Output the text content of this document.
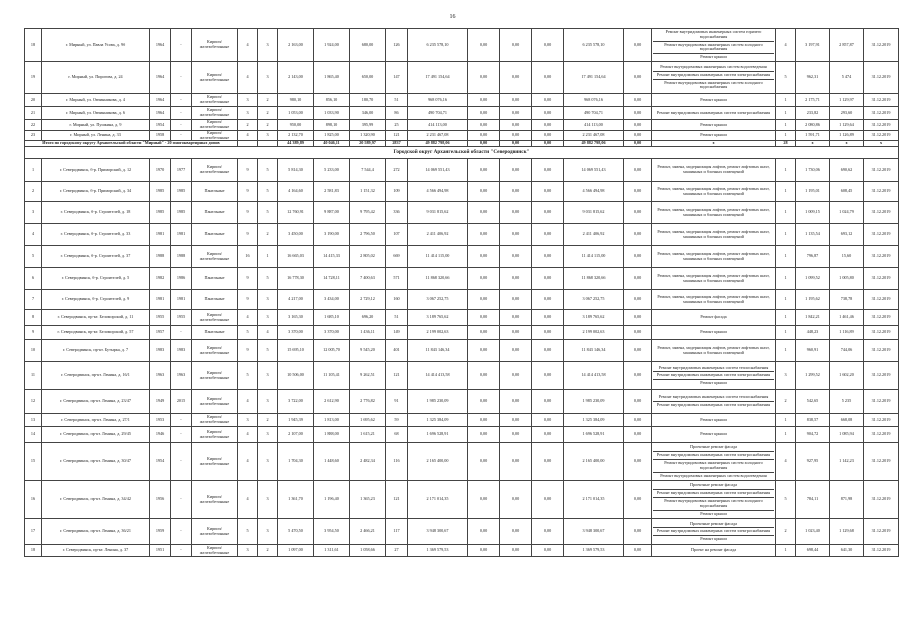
16
18	г. Мирный, ул. Павла Усова, д. 9б	1964	-	Кирпич/ железобетонные	4	3	2 163,00	1 924,00	680,00	126	6 235 578,10	0,00	0,00	0,00	6 235 578,10	0,00	Ремонт внутридомовых инженерных систем горячего водоснабжения
Ремонт внутридомовых инженерных систем холодного водоснабжения
Ремонт крыши	4	3 197,91	2 857,87	31.12.2019
19	г. Мирный, ул. Пирогова, д. 24	1964	-	Кирпич/ железобетонные	4	3	2 143,00	1 865,40	650,00	147	17 491 154,64	0,00	0,00	0,00	17 491 154,64	0,00	Ремонт внутридомовых инженерных систем водоотведения
Ремонт внутридомовых инженерных систем электроснабжения
Ремонт внутридомовых инженерных систем холодного водоснабжения	5	962,31	5 474	31.12.2019
20	г. Мирный, ул. Овчинникова, д. 4	1964	-	Кирпич/ железобетонные	3	2	980,10	856,10	180,70	51	968 076,16	0,00	0,00	0,00	968 076,16	0,00	Ремонт крыши	1	2 175,71	1 129,97	31.12.2019
21	г. Мирный, ул. Овчинникова, д. 6	1964	-	Кирпич/ железобетонные	3	2	1 053,00	1 033,90	346,00	86	490 704,71	0,00	0,00	0,00	490 704,71	0,00	Ремонт внутридомовых инженерных систем электроснабжения	1	233,82	293,60	31.12.2019
22	г. Мирный, ул. Пушкина, д. 9	1954	-	Кирпич/ железобетонные	2	2	950,00	898,10	395,99	25	414 113,00	0,00	0,00	0,00	414 113,00	0,00	Ремонт крыши	1	2 080,86	1 129,64	31.12.2019
23	г. Мирный, ул. Ленина, д. 33	1958	-	Кирпич/ железобетонные	4	3	2 132,70	1 825,00	1 320,90	121	2 231 467,08	0,00	0,00	0,00	2 231 467,08	0,00	Ремонт крыши	1	1 591,71	1 126,89	31.12.2019
Итого по городскому округу Архангельской области "Мирный" - 20 многоквартирных домов							44 389,89	40 046,11	20 589,97	2837	49 882 798,06	0,00	0,00	0,00	49 882 798,06	0,00	x	28	x	x	x
Городской округ Архангельской области "Северодвинск"																					
1	г. Северодвинск, б-р. Приморский, д. 12	1970	1977	Кирпич/ железобетонные	9	5	5 814,30	5 233,00	7 544,4	272	14 069 551,43	0,00	0,00	0,00	14 069 551,43	0,00	Ремонт, замена, модернизация лифтов, ремонт лифтовых шахт, машинных и блочных помещений	1	1 730,06	690,62	31.12.2019
2	г. Северодвинск, б-р. Приморский, д. 34	1985	1985	Панельные	9	5	4 164,60	2 581,83	1 151,32	109	4 566 494,98	0,00	0,00	0,00	4 566 494,98	0,00	Ремонт, замена, модернизация лифтов, ремонт лифтовых шахт, машинных и блочных помещений	1	1 195,01	608,45	31.12.2019
3	г. Северодвинск, б-р. Строителей, д. 18	1985	1985	Панельные	9	5	12 760,91	9 887,00	9 795,42	336	9 031 815,62	0,00	0,00	0,00	9 031 815,62	0,00	Ремонт, замена, модернизация лифтов, ремонт лифтовых шахт, машинных и блочных помещений	1	1 009,15	1 024,79	31.12.2019
4	г. Северодвинск, б-р. Строителей, д. 33	1981	1981	Панельные	9	2	3 450,00	3 190,00	2 796,50	107	2 411 406,92	0,00	0,00	0,00	2 411 406,92	0,00	Ремонт, замена, модернизация лифтов, ремонт лифтовых шахт, машинных и блочных помещений	1	1 135,54	693,12	31.12.2019
5	г. Северодвинск, б-р. Строителей, д. 37	1988	1988	Кирпич/ железобетонные	16	1	16 665,03	14 415,33	2 805,02	669	11 414 115,00	0,00	0,00	0,00	11 414 115,00	0,00	Ремонт, замена, модернизация лифтов, ремонт лифтовых шахт, машинных и блочных помещений	1	796,87	15,60	31.12.2019
6	г. Северодвинск, б-р. Строителей, д. 5	1982	1986	Панельные	9	5	16 778,30	14 728,11	7 400,63	571	11 868 320,66	0,00	0,00	0,00	11 868 320,66	0,00	Ремонт, замена, модернизация лифтов, ремонт лифтовых шахт, машинных и блочных помещений	1	1 099,52	1 005,80	31.12.2019
7	г. Северодвинск, б-р. Строителей, д. 9	1981	1981	Панельные	9	3	4 217,00	3 434,00	2 729,12	160	3 067 252,75	0,00	0,00	0,00	3 067 252,75	0,00	Ремонт, замена, модернизация лифтов, ремонт лифтовых шахт, машинных и блочных помещений	1	1 195,62	738,78	31.12.2019
8	г. Северодвинск, пр-кт. Беломорский, д. 11	1955	1955	Кирпич/ железобетонные	4	3	3 165,30	1 685,10	696,20	51	3 189 765,62	0,00	0,00	0,00	3 189 765,62	0,00	Ремонт фасада	1	1 842,21	1 461,46	31.12.2019
9	г. Северодвинск, пр-кт. Беломорский, д. 57	1957	-	Панельные	5	4	3 370,00	3 370,00	1 436,11	149	2 199 002,63	0,00	0,00	0,00	2 199 002,63	0,00	Ремонт крыши	1	448,23	1 116,89	31.12.2019
10	г. Северодвинск, пр-кт. Бутырка, д. 7	1983	1983	Кирпич/ железобетонные	9	5	15 695,10	12 005,70	9 545,20	401	11 843 146,34	0,00	0,00	0,00	11 843 146,34	0,00	Ремонт, замена, модернизация лифтов, ремонт лифтовых шахт, машинных и блочных помещений	1	960,91	744,06	31.12.2019
11	г. Северодвинск, пр-кт. Ленина, д. 16/1	1963	1963	Кирпич/ железобетонные	5	3	10 506,00	11 105,41	9 262,51	121	14 414 413,58	0,00	0,00	0,00	14 414 413,58	0,00	Ремонт внутридомовых инженерных систем теплоснабжения
Ремонт внутридомовых инженерных систем электроснабжения
Ремонт крыши	3	1 299,52	1 602,20	31.12.2019
12	г. Северодвинск, пр-кт. Ленина, д. 23/47	1949	2015	Кирпич/ железобетонные	4	3	3 722,00	2 612,90	2 776,82	91	1 985 230,09	0,00	0,00	0,00	1 985 230,09	0,00	Ремонт внутридомовых инженерных систем теплоснабжения
Ремонт внутридомовых инженерных систем электроснабжения	2	542,65	5 235	31.12.2019
13	г. Северодвинск, пр-кт. Ленина, д. 27/1	1953	-	Кирпич/ железобетонные	3	2	1 945,39	1 813,00	1 695,62	59	1 325 384,09	0,00	0,00	0,00	1 325 384,09	0,00	Ремонт крыши	1	838,57	668,08	31.12.2019
14	г. Северодвинск, пр-кт. Ленина, д. 29/45	1946	-	Кирпич/ железобетонные	4	3	2 107,00	1 888,00	1 615,21	68	1 696 528,91	0,00	0,00	0,00	1 696 528,91	0,00	Ремонт крыши	1	904,72	1 085,94	31.12.2019
15	г. Северодвинск, пр-кт. Ленина, д. 30/47	1954	-	Кирпич/ железобетонные	4	3	1 704,30	1 448,60	2 482,34	116	2 165 400,00	0,00	0,00	0,00	2 165 400,00	0,00	Проектные ремонт фасада
Ремонт внутридомовых инженерных систем электроснабжения
Ремонт внутридомовых инженерных систем холодного водоснабжения
Ремонт внутридомовых инженерных систем водоотведения	4	927,95	1 142,23	31.12.2019
16	г. Северодвинск, пр-кт. Ленина, д. 34/42	1956	-	Кирпич/ железобетонные	4	3	1 361,70	1 196,40	1 365,23	121	2 171 014,35	0,00	0,00	0,00	2 171 014,35	0,00	Проектные ремонт фасада
Ремонт внутридомовых инженерных систем электроснабжения
Ремонт внутридомовых инженерных систем холодного водоснабжения
Ремонт крыши	5	784,11	871,98	31.12.2019
17	г. Северодвинск, пр-кт. Ленина, д. 36/21	1959	-	Кирпич/ железобетонные	5	3	5 470,50	3 954,50	2 466,21	117	3 948 300,67	0,00	0,00	0,00	3 948 300,67	0,00	Проектные ремонт фасада
Ремонт внутридомовых инженерных систем электроснабжения
Ремонт крыши	2	1 023,40	1 129,68	31.12.2019
18	г. Северодвинск, пр-кт. Ленина, д. 37	1951	-	Кирпич/ железобетонные	3	2	1 097,00	1 311,61	1 058,66	27	1 369 579,53	0,00	0,00	0,00	1 369 579,53	0,00	Проект на ремонт фасада	1	698,44	641,30	31.12.2019
